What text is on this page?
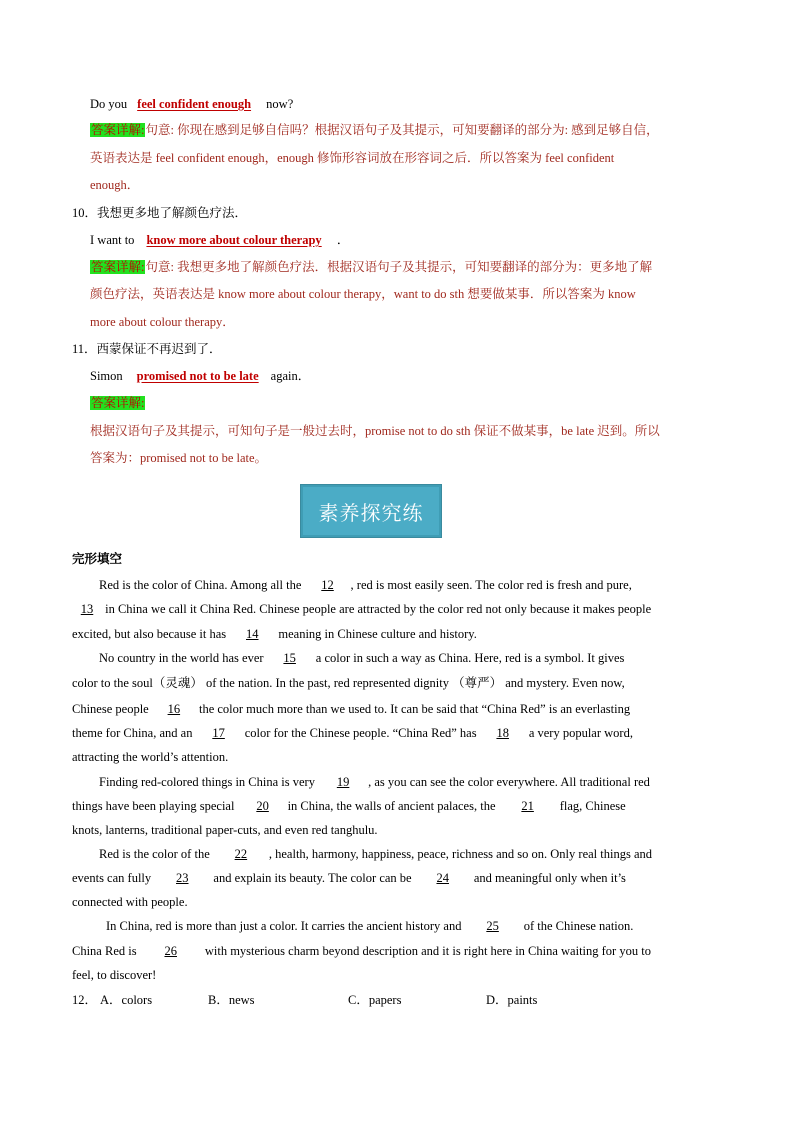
Do you feel confident enough now?
答案详解:句意: 你现在感到足够自信吗？根据汉语句子及其提示，可知要翻译的部分为: 感到足够自信，
英语表达是 feel confident enough，enough 修饰形容词放在形容词之后．所以答案为 feel confident
enough．
10．我想更多地了解颜色疗法．
I want to know more about colour therapy ．
答案详解:句意: 我想更多地了解颜色疗法．根据汉语句子及其提示，可知要翻译的部分为：更多地了解
颜色疗法，英语表达是 know more about colour therapy，want to do sth 想要做某事．所以答案为 know
more about colour therapy．
11．西蒙保证不再迟到了．
Simon promised not to be late again．
答案详解:
根据汉语句子及其提示，可知句子是一般过去时，promise not to do sth 保证不做某事，be late 迟到。所以
答案为：promised not to be late。
素养探究练
完形填空
Red is the color of China. Among all the 12 , red is most easily seen. The color red is fresh and pure,
13 in China we call it China Red. Chinese people are attracted by the color red not only because it makes people
excited, but also because it has 14 meaning in Chinese culture and history.
No country in the world has ever 15 a color in such a way as China. Here, red is a symbol. It gives
color to the soul（灵魂） of the nation. In the past, red represented dignity （尊严） and mystery. Even now,
Chinese people 16 the color much more than we used to. It can be said that “China Red” is an everlasting
theme for China, and an 17 color for the Chinese people. “China Red” has 18 a very popular word,
attracting the world’s attention.
Finding red-colored things in China is very 19 , as you can see the color everywhere. All traditional red
things have been playing special 20 in China, the walls of ancient palaces, the 21 flag, Chinese
knots, lanterns, traditional paper-cuts, and even red tanghulu.
Red is the color of the 22 , health, harmony, happiness, peace, richness and so on. Only real things and
events can fully 23 and explain its beauty. The color can be 24 and meaningful only when it’s
connected with people.
In China, red is more than just a color. It carries the ancient history and 25 of the Chinese nation.
China Red is 26 with mysterious charm beyond description and it is right here in China waiting for you to
feel, to discover!
12． A．colors	B．news	C．papers	D．paints
